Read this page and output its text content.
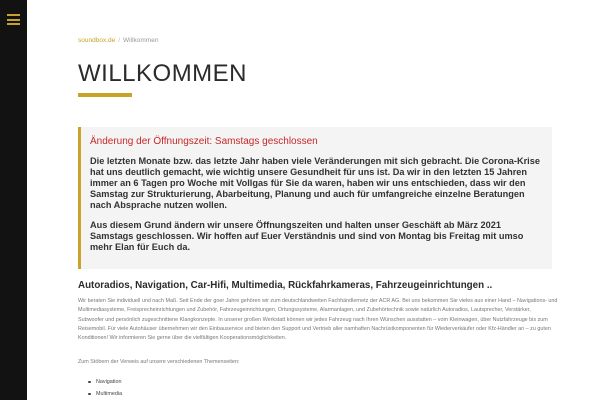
soundbox.de / Willkommen
WILLKOMMEN
Änderung der Öffnungszeit: Samstags geschlossen

Die letzten Monate bzw. das letzte Jahr haben viele Veränderungen mit sich gebracht. Die Corona-Krise hat uns deutlich gemacht, wie wichtig unsere Gesundheit für uns ist. Da wir in den letzten 15 Jahren immer an 6 Tagen pro Woche mit Vollgas für Sie da waren, haben wir uns entschieden, dass wir den Samstag zur Strukturierung, Abarbeitung, Planung und auch für umfangreiche einzelne Beratungen nach Absprache nutzen wollen.

Aus diesem Grund ändern wir unsere Öffnungszeiten und halten unser Geschäft ab März 2021 Samstags geschlossen. Wir hoffen auf Euer Verständnis und sind von Montag bis Freitag mit umso mehr Elan für Euch da.

Autoradios, Navigation, Car-Hifi, Multimedia, Rückfahrkameras, Fahrzeugeinrichtungen ..

Wir beraten Sie individuell und nach Maß. Seit Ende der goer Jahre gehören wir zum deutschlandweiten Fachhändlernetz der ACR AG. Bei uns bekommen Sie vieles aus einer Hand – Navigations- und Multimediasysteme, Freisprecheinrichtungen und Zubehör, Fahrzeugeinrichtungen, Ortungssysteme, Alarmanlagen, und Zubehörtechnik sowie natürlich Autoradios, Lautsprecher, Verstärker, Subwoofer und persönlich zugeschnittene Klangkonzepte. In unserer großen Werkstatt können wir jedes Fahrzeug nach Ihren Wünschen ausstatten – vom Kleinwagen, über Nutzfahrzeuge bis zum Reisemobil. Für viele Autohäuser übernehmen wir den Einbauservice und bieten den Support und Vertrieb aller namhaften Nachrüstkomponenten für Wiederverkäufer oder Kfz-Händler an – zu guten Konditionen! Wir informieren Sie gerne über die vielfältigen Kooperationsmöglichkeiten.

Zum Stöbern der Verweis auf unsere verschiedenen Themenseiten:

Navigation
Multimedia
